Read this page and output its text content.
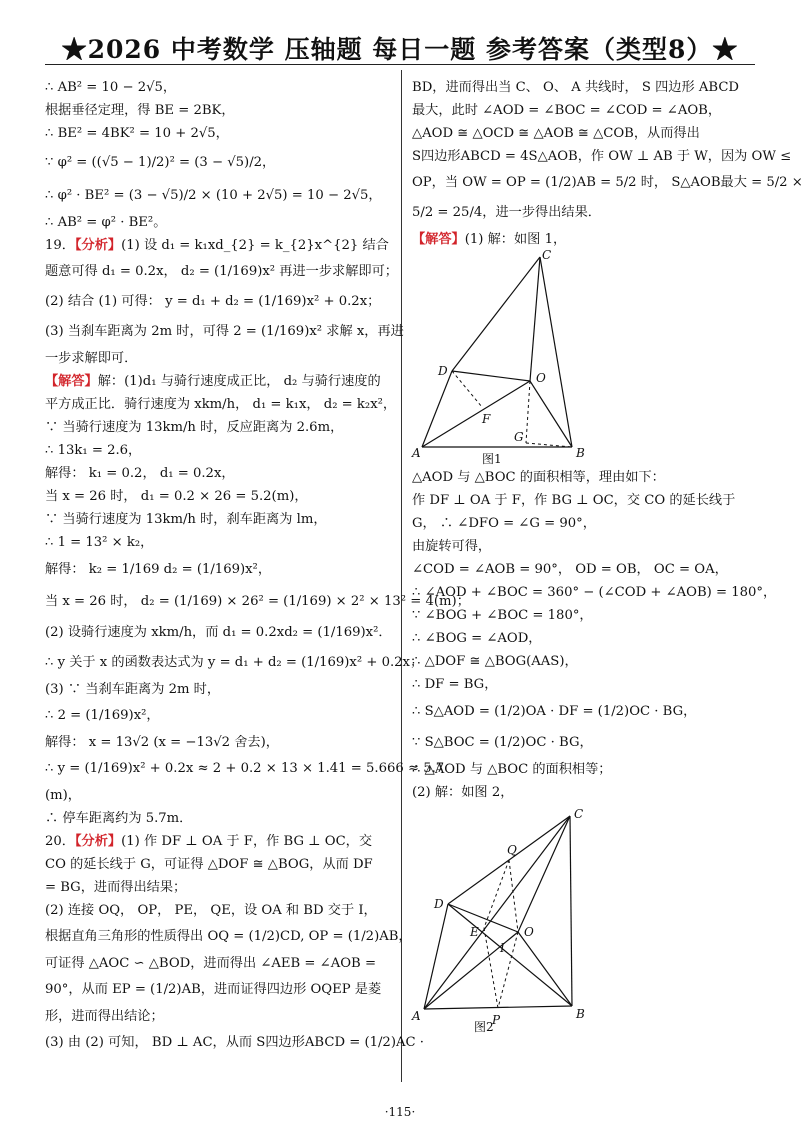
★2026 中考数学 压轴题 每日一题 参考答案（类型8）★
∴ AB² = 10 − 2√5，
根据垂径定理，得 BE = 2BK，
∴ BE² = 4BK² = 10 + 2√5，
∵ φ² = ((√5 − 1)/2)² = (3 − √5)/2，
∴ φ² · BE² = (3 − √5)/2 × (10 + 2√5) = 10 − 2√5，
∴ AB² = φ² · BE²。
19．【分析】(1) 设 d₁ = k₁xd_{2} = k_{2}x^{2} 结合
题意可得 d₁ = 0.2x， d₂ = (1/169)x² 再进一步求解即可；
(2) 结合 (1) 可得： y = d₁ + d₂ = (1/169)x² + 0.2x；
(3) 当刹车距离为 2m 时，可得 2 = (1/169)x² 求解 x，再进
一步求解即可．
【解答】解：(1)d₁ 与骑行速度成正比， d₂ 与骑行速度的
平方成正比．骑行速度为 xkm/h， d₁ = k₁x， d₂ = k₂x²，
∵ 当骑行速度为 13km/h 时，反应距离为 2.6m，
∴ 13k₁ = 2.6，
解得： k₁ = 0.2， d₁ = 0.2x，
当 x = 26 时， d₁ = 0.2 × 26 = 5.2(m)，
∵ 当骑行速度为 13km/h 时，刹车距离为 lm，
∴ 1 = 13² × k₂，
解得： k₂ = 1/169 d₂ = (1/169)x²，
当 x = 26 时， d₂ = (1/169) × 26² = (1/169) × 2² × 13² = 4(m)；
(2) 设骑行速度为 xkm/h，而 d₁ = 0.2xd₂ = (1/169)x²．
∴ y 关于 x 的函数表达式为 y = d₁ + d₂ = (1/169)x² + 0.2x；
(3) ∵ 当刹车距离为 2m 时，
∴ 2 = (1/169)x²，
解得： x = 13√2 (x = −13√2 舍去)，
∴ y = (1/169)x² + 0.2x ≈ 2 + 0.2 × 13 × 1.41 = 5.666 ≈ 5.7
(m)，
∴ 停车距离约为 5.7m．
20．【分析】(1) 作 DF ⊥ OA 于 F，作 BG ⊥ OC，交
CO 的延长线于 G，可证得 △DOF ≅ △BOG，从而 DF
= BG，进而得出结果；
(2) 连接 OQ， OP， PE， QE，设 OA 和 BD 交于 I，
根据直角三角形的性质得出 OQ = (1/2)CD, OP = (1/2)AB，
可证得 △AOC ∽ △BOD，进而得出 ∠AEB = ∠AOB =
90°，从而 EP = (1/2)AB，进而证得四边形 OQEP 是菱
形，进而得出结论；
(3) 由 (2) 可知， BD ⊥ AC，从而 S四边形ABCD = (1/2)AC ·
BD，进而得出当 C、 O、 A 共线时， S 四边形 ABCD
最大，此时 ∠AOD = ∠BOC = ∠COD = ∠AOB，
△AOD ≅ △OCD ≅ △AOB ≅ △COB，从而得出
S四边形ABCD = 4S△AOB，作 OW ⊥ AB 于 W，因为 OW ≤
OP，当 OW = OP = (1/2)AB = 5/2 时， S△AOB最大 = 5/2 ×
5/2 = 25/4，进一步得出结果．
【解答】(1) 解：如图 1，
A	B
C
D	O
F
G
图1
△AOD 与 △BOC 的面积相等，理由如下：
作 DF ⊥ OA 于 F，作 BG ⊥ OC，交 CO 的延长线于
G， ∴ ∠DFO = ∠G = 90°，
由旋转可得，
∠COD = ∠AOB = 90°， OD = OB， OC = OA，
∴ ∠AOD + ∠BOC = 360° − (∠COD + ∠AOB) = 180°，
∵ ∠BOG + ∠BOC = 180°，
∴ ∠BOG = ∠AOD，
∴ △DOF ≅ △BOG(AAS)，
∴ DF = BG，
∴ S△AOD = (1/2)OA · DF = (1/2)OC · BG，
∵ S△BOC = (1/2)OC · BG，
∴ △AOD 与 △BOC 的面积相等；
(2) 解：如图 2，
A	B
C
D
O
E
I
P
Q
图2
·115·
